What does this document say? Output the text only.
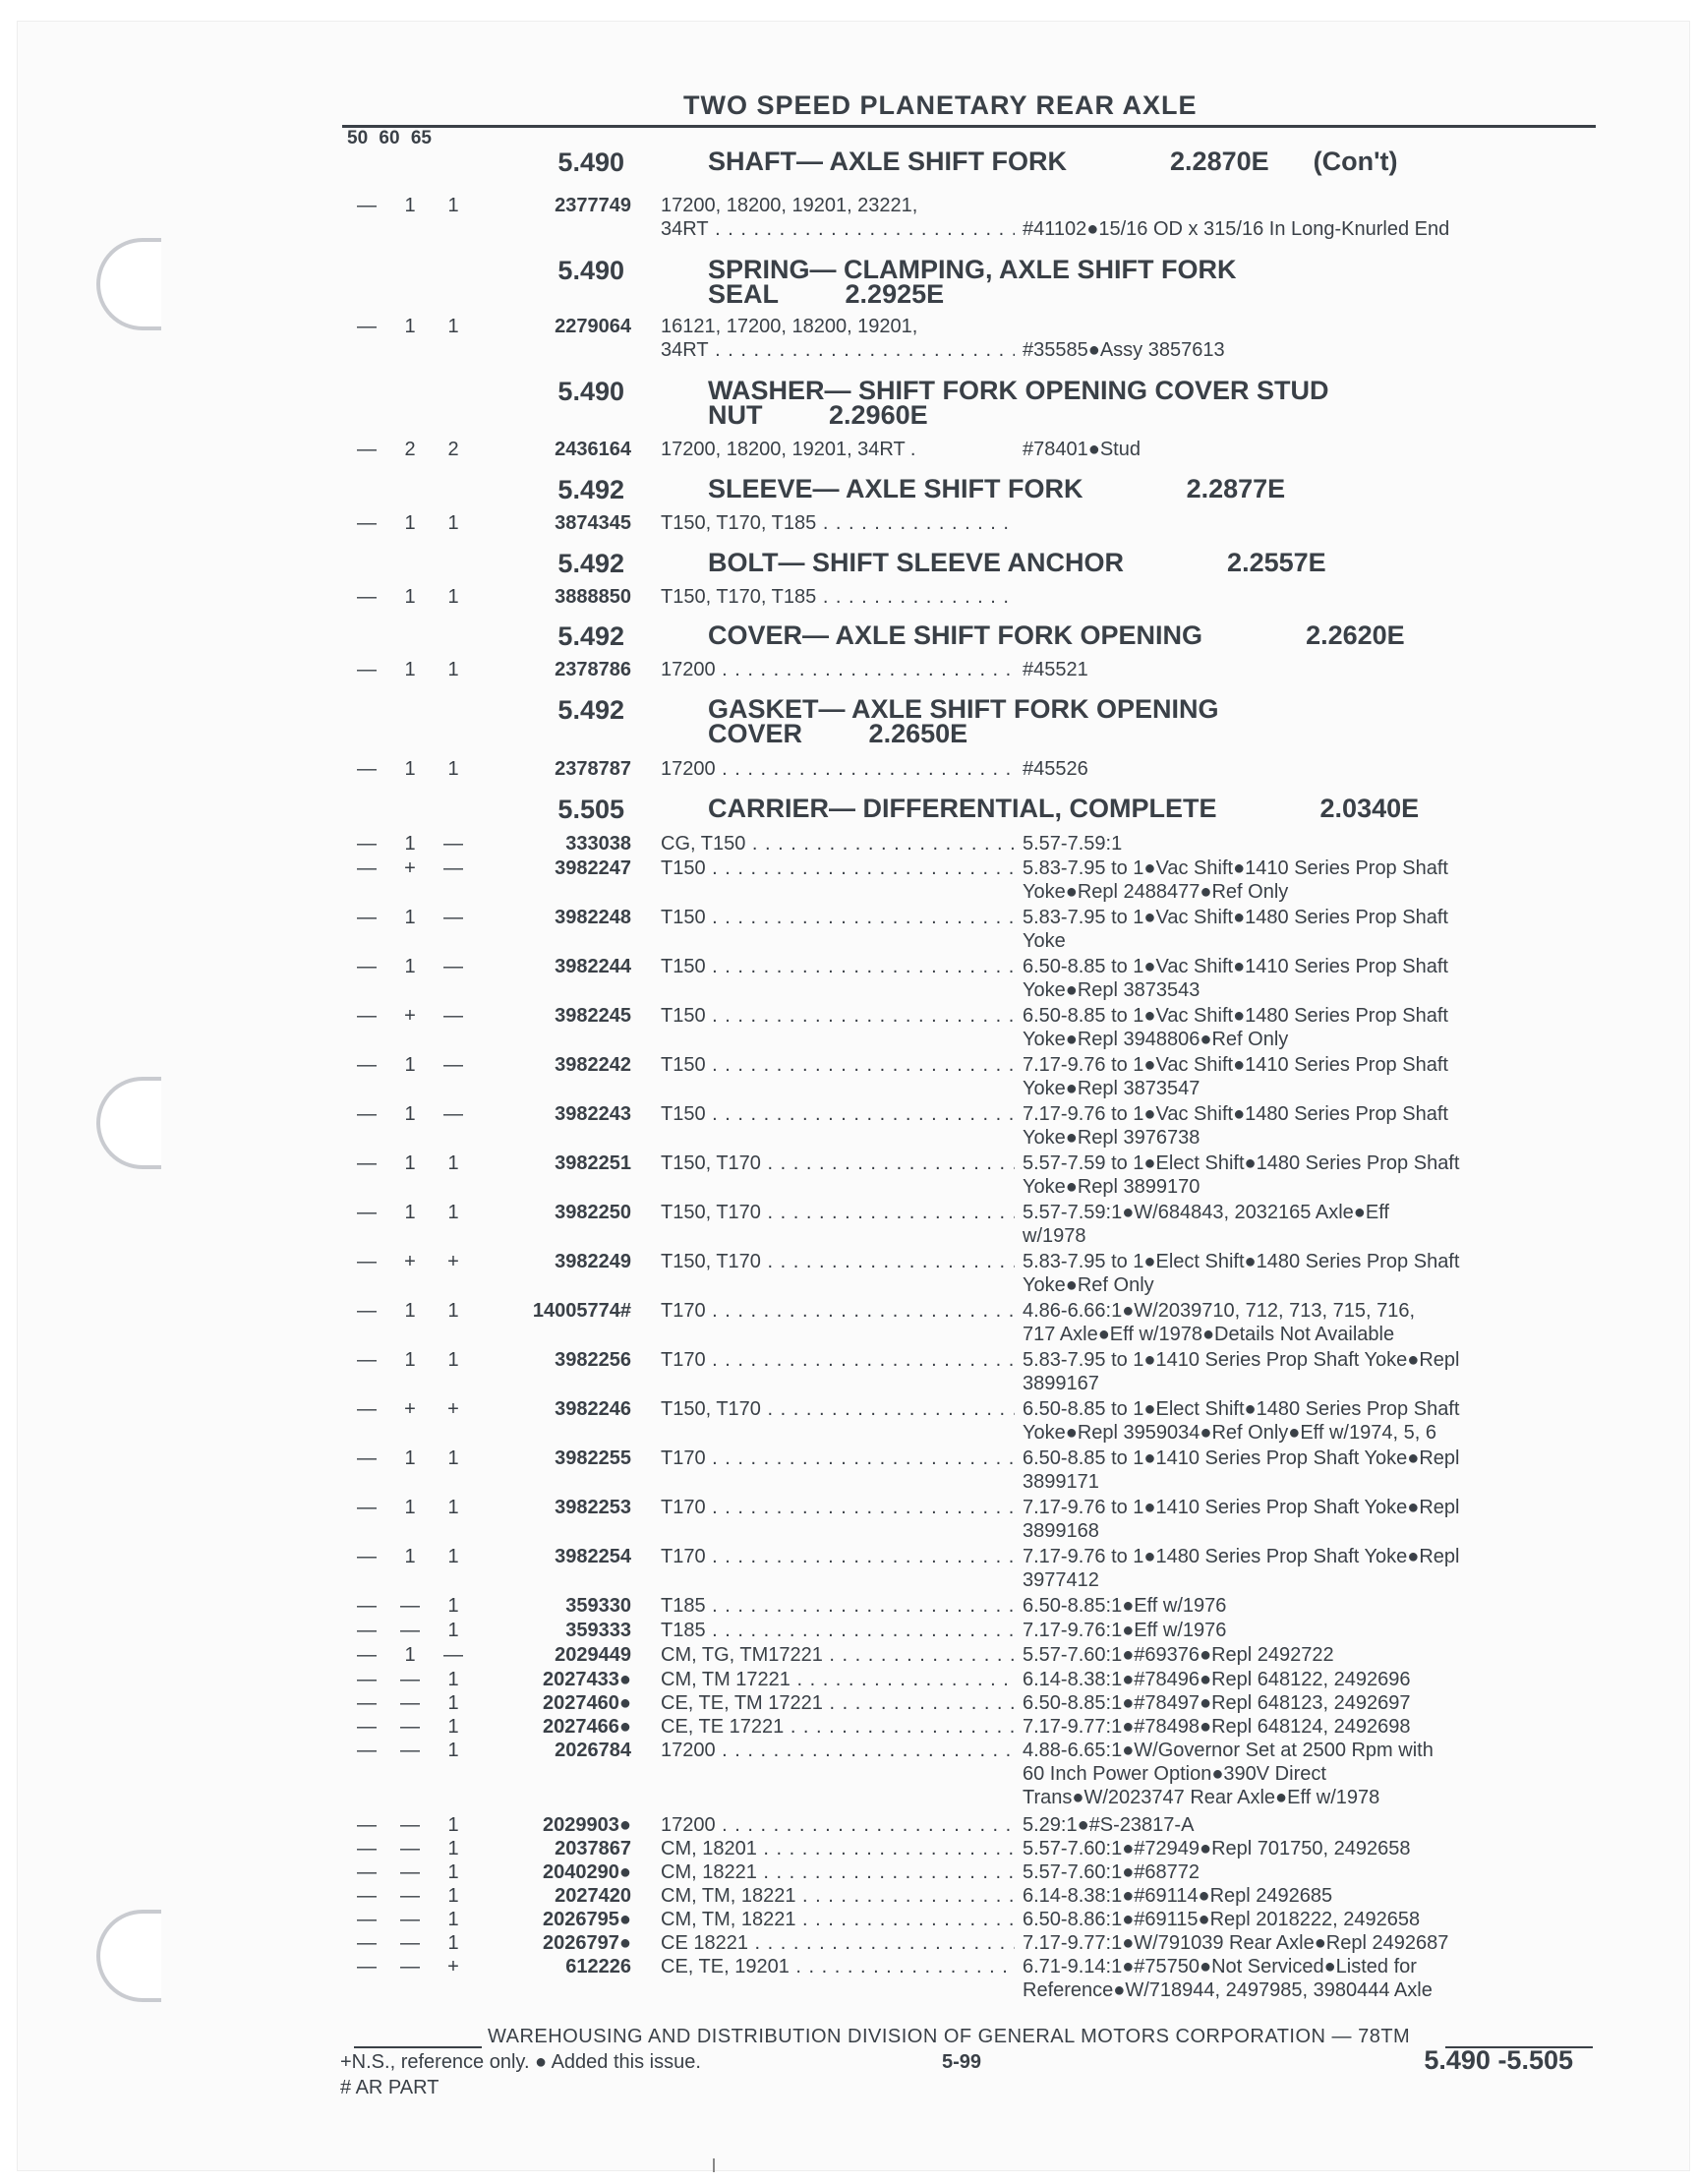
TWO SPEED PLANETARY REAR AXLE
50 60 65
5.490	SHAFT— AXLE SHIFT FORK	2.2870E (Con't)
— 1 1	2377749 17200, 18200, 19201, 23221,
34RT . . .	#41102●15/16 OD x 315/16 In Long-Knurled End
5.490	SPRING— CLAMPING, AXLE SHIFT FORK
SEAL	2.2925E
— 1 1	2279064 16121, 17200, 18200, 19201,
34RT . . .	#35585●Assy 3857613
5.490	WASHER— SHIFT FORK OPENING COVER STUD
NUT	2.2960E
— 2 2	2436164 17200, 18200, 19201, 34RT .	#78401●Stud
5.492	SLEEVE— AXLE SHIFT FORK	2.2877E
— 1 1	3874345 T150, T170, T185 . . .
5.492	BOLT— SHIFT SLEEVE ANCHOR	2.2557E
— 1 1	3888850 T150, T170, T185 . . .
5.492	COVER— AXLE SHIFT FORK OPENING	2.2620E
— 1 1	2378786 17200 . . .	#45521
5.492	GASKET— AXLE SHIFT FORK OPENING
COVER	2.2650E
— 1 1	2378787 17200 . . .	#45526
5.505	CARRIER— DIFFERENTIAL, COMPLETE	2.0340E
— 1 —	333038 CG, T150 . . .	5.57-7.59:1
— + —	3982247 T150 . . .	5.83-7.95 to 1●Vac Shift●1410 Series Prop Shaft
Yoke●Repl 2488477●Ref Only
— 1 —	3982248 T150 . . .	5.83-7.95 to 1●Vac Shift●1480 Series Prop Shaft
Yoke
— 1 —	3982244 T150 . . .	6.50-8.85 to 1●Vac Shift●1410 Series Prop Shaft
Yoke●Repl 3873543
— + —	3982245 T150 . . .	6.50-8.85 to 1●Vac Shift●1480 Series Prop Shaft
Yoke●Repl 3948806●Ref Only
— 1 —	3982242 T150 . . .	7.17-9.76 to 1●Vac Shift●1410 Series Prop Shaft
Yoke●Repl 3873547
— 1 —	3982243 T150 . . .	7.17-9.76 to 1●Vac Shift●1480 Series Prop Shaft
Yoke●Repl 3976738
— 1 1	3982251 T150, T170 . . .	5.57-7.59 to 1●Elect Shift●1480 Series Prop Shaft
Yoke●Repl 3899170
— 1 1	3982250 T150, T170 . . .	5.57-7.59:1●W/684843, 2032165 Axle●Eff
w/1978
— + +	3982249 T150, T170 . . .	5.83-7.95 to 1●Elect Shift●1480 Series Prop Shaft
Yoke●Ref Only
— 1 1	14005774# T170 . . .	4.86-6.66:1●W/2039710, 712, 713, 715, 716,
717 Axle●Eff w/1978●Details Not Available
— 1 1	3982256 T170 . . .	5.83-7.95 to 1●1410 Series Prop Shaft Yoke●Repl
3899167
— + +	3982246 T150, T170 . . .	6.50-8.85 to 1●Elect Shift●1480 Series Prop Shaft
Yoke●Repl 3959034●Ref Only●Eff w/1974, 5, 6
— 1 1	3982255 T170 . . .	6.50-8.85 to 1●1410 Series Prop Shaft Yoke●Repl
3899171
— 1 1	3982253 T170 . . .	7.17-9.76 to 1●1410 Series Prop Shaft Yoke●Repl
3899168
— 1 1	3982254 T170 . . .	7.17-9.76 to 1●1480 Series Prop Shaft Yoke●Repl
3977412
— — 1	359330 T185 . . .	6.50-8.85:1●Eff w/1976
— — 1	359333 T185 . . .	7.17-9.76:1●Eff w/1976
— 1 —	2029449 CM, TG, TM17221 . . .	5.57-7.60:1●#69376●Repl 2492722
— — 1	2027433● CM, TM 17221 . . .	6.14-8.38:1●#78496●Repl 648122, 2492696
— — 1	2027460● CE, TE, TM 17221 . . .	6.50-8.85:1●#78497●Repl 648123, 2492697
— — 1	2027466● CE, TE 17221 . . .	7.17-9.77:1●#78498●Repl 648124, 2492698
— — 1	2026784 17200 . . .	4.88-6.65:1●W/Governor Set at 2500 Rpm with
60 Inch Power Option●390V Direct
Trans●W/2023747 Rear Axle●Eff w/1978
— — 1	2029903● 17200 . . .	5.29:1●#S-23817-A
— — 1	2037867 CM, 18201 . . .	5.57-7.60:1●#72949●Repl 701750, 2492658
— — 1	2040290● CM, 18221 . . .	5.57-7.60:1●#68772
— — 1	2027420 CM, TM, 18221 . . .	6.14-8.38:1●#69114●Repl 2492685
— — 1	2026795● CM, TM, 18221 . . .	6.50-8.86:1●#69115●Repl 2018222, 2492658
— — 1	2026797● CE 18221 . . .	7.17-9.77:1●W/791039 Rear Axle●Repl 2492687
— — +	612226 CE, TE, 19201 . . .	6.71-9.14:1●#75750●Not Serviced●Listed for
Reference●W/718944, 2497985, 3980444 Axle
WAREHOUSING AND DISTRIBUTION DIVISION OF GENERAL MOTORS CORPORATION — 78TM
+N.S., reference only. ● Added this issue.
# AR PART
5-99	5.490 -5.505
